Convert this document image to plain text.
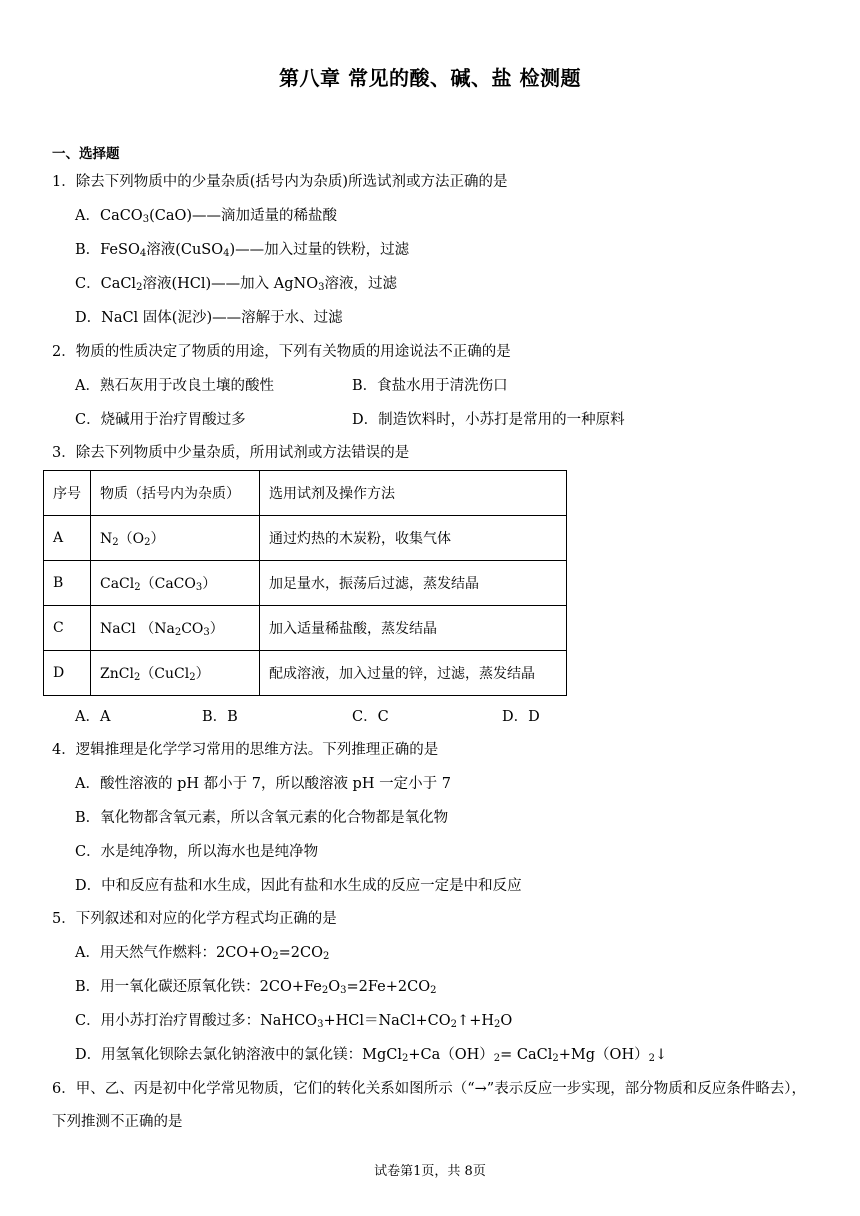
第八章 常见的酸、碱、盐 检测题
一、选择题
1．除去下列物质中的少量杂质(括号内为杂质)所选试剂或方法正确的是
A．CaCO$_3$(CaO)——滴加适量的稀盐酸
B．FeSO$_4$溶液(CuSO$_4$)——加入过量的铁粉，过滤
C．CaCl$_2$溶液(HCl)——加入 AgNO$_3$溶液，过滤
D．NaCl 固体(泥沙)——溶解于水、过滤
2．物质的性质决定了物质的用途，下列有关物质的用途说法不正确的是
A．熟石灰用于改良土壤的酸性	B．食盐水用于清洗伤口
C．烧碱用于治疗胃酸过多	D．制造饮料时，小苏打是常用的一种原料
3．除去下列物质中少量杂质，所用试剂或方法错误的是
序号	物质（括号内为杂质）	选用试剂及操作方法
A	$N_2(O_2)$	通过灼热的木炭粉，收集气体
B	CaCl$_2$（CaCO$_3$）	加足量水，振荡后过滤，蒸发结晶
C	NaCl $(Na_2CO_3)$	加入适量稀盐酸，蒸发结晶
D	ZnCl$_2$（CuCl$_2$）	配成溶液，加入过量的锌，过滤，蒸发结晶
A．A	B．B	C．C	D．D
4．逻辑推理是化学学习常用的思维方法。下列推理正确的是
A．酸性溶液的 pH 都小于 7，所以酸溶液 pH 一定小于 7
B．氧化物都含氧元素，所以含氧元素的化合物都是氧化物
C．水是纯净物，所以海水也是纯净物
D．中和反应有盐和水生成，因此有盐和水生成的反应一定是中和反应
5．下列叙述和对应的化学方程式均正确的是
A．用天然气作燃料：$2CO+O_2=2CO_2$
B．用一氧化碳还原氧化铁：$2CO+Fe_2O_3=2Fe+2CO_2$
C．用小苏打治疗胃酸过多：$NaHCO_3+HCl=NaCl+CO_2↑+H_2O$
D．用氢氧化钡除去氯化钠溶液中的氯化镁：$MgCl_2+Ca(OH)_2=$ $CaCl_2+Mg(OH)_2↓$
6．甲、乙、丙是初中化学常见物质，它们的转化关系如图所示（“→”表示反应一步实现，部分物质和反应条件略去），下列推测不正确的是
试卷第1页，共 8页
